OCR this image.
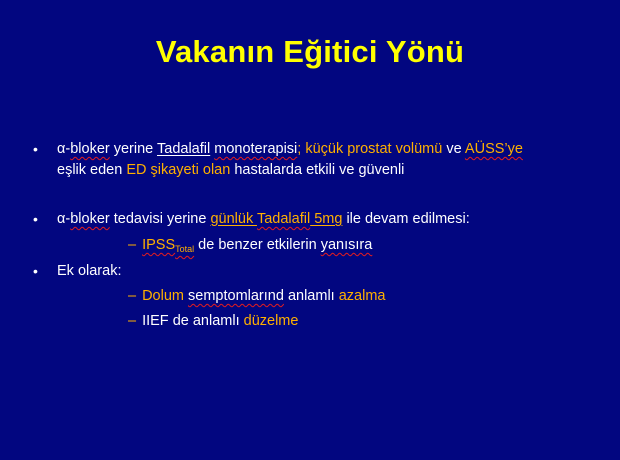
Vakanın Eğitici Yönü
• α-bloker yerine Tadalafil monoterapisi; küçük prostat volümü ve AÜSS’ye
eşlik eden ED şikayeti olan hastalarda etkili ve güvenli
• α-bloker tedavisi yerine günlük Tadalafil 5mg ile devam edilmesi:
– $IPSS_{Total}$ de benzer etkilerin yanısıra
• Ek olarak:
– Dolum semptomlarınd anlamlı azalma
– IIEF de anlamlı düzelme
